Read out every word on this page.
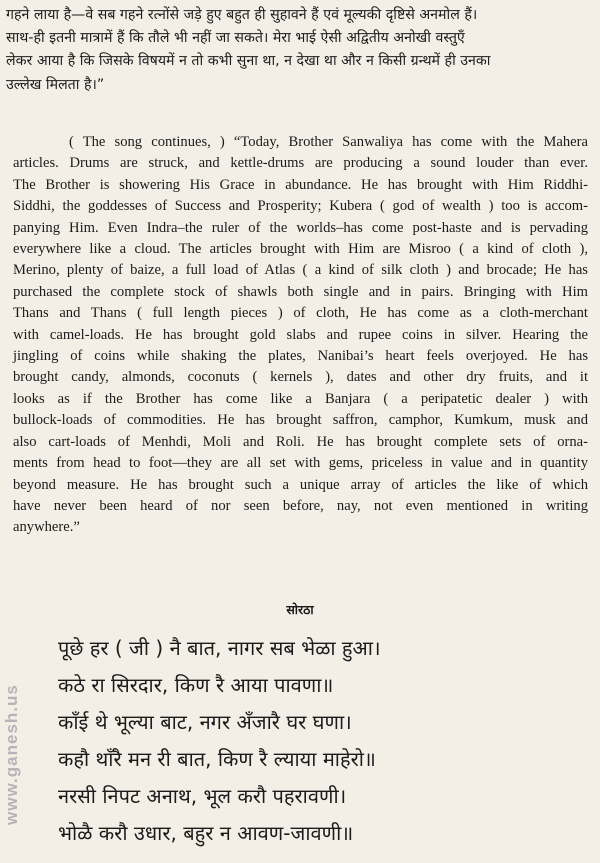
गहने लाया है—वे सब गहने रत्नोंसे जड़े हुए बहुत ही सुहावने हैं एवं मूल्यकी दृष्टिसे अनमोल हैं।
साथ-ही इतनी मात्रामें हैं कि तौले भी नहीं जा सकते। मेरा भाई ऐसी अद्वितीय अनोखी वस्तुएँ
लेकर आया है कि जिसके विषयमें न तो कभी सुना था, न देखा था और न किसी ग्रन्थमें ही उनका
उल्लेख मिलता है।”
( The song continues, ) “Today, Brother Sanwaliya has come with the Mahera
articles. Drums are struck, and kettle-drums are producing a sound louder than ever.
The Brother is showering His Grace in abundance. He has brought with Him Riddhi-
Siddhi, the goddesses of Success and Prosperity; Kubera ( god of wealth ) too is accom-
panying Him. Even Indra–the ruler of the worlds–has come post-haste and is pervading
everywhere like a cloud. The articles brought with Him are Misroo ( a kind of cloth ),
Merino, plenty of baize, a full load of Atlas ( a kind of silk cloth ) and brocade; He has
purchased the complete stock of shawls both single and in pairs. Bringing with Him
Thans and Thans ( full length pieces ) of cloth, He has come as a cloth-merchant
with camel-loads. He has brought gold slabs and rupee coins in silver. Hearing the
jingling of coins while shaking the plates, Nanibai’s heart feels overjoyed. He has
brought candy, almonds, coconuts ( kernels ), dates and other dry fruits, and it
looks as if the Brother has come like a Banjara ( a peripatetic dealer ) with
bullock-loads of commodities. He has brought saffron, camphor, Kumkum, musk and
also cart-loads of Menhdi, Moli and Roli. He has brought complete sets of orna-
ments from head to foot—they are all set with gems, priceless in value and in quantity
beyond measure. He has brought such a unique array of articles the like of which
have never been heard of nor seen before, nay, not even mentioned in writing
anywhere.”
सोरठा
पूछे हर ( जी ) नै बात, नागर सब भेळा हुआ।
कठे रा सिरदार, किण रै आया पावणा॥
काँई थे भूल्या बाट, नगर अँजारै घर घणा।
कहौ थाँरै मन री बात, किण रै ल्याया माहेरो॥
नरसी निपट अनाथ, भूल करौ पहरावणी।
भोळै करौ उधार, बहुर न आवण-जावणी॥
www.ganesh.us
